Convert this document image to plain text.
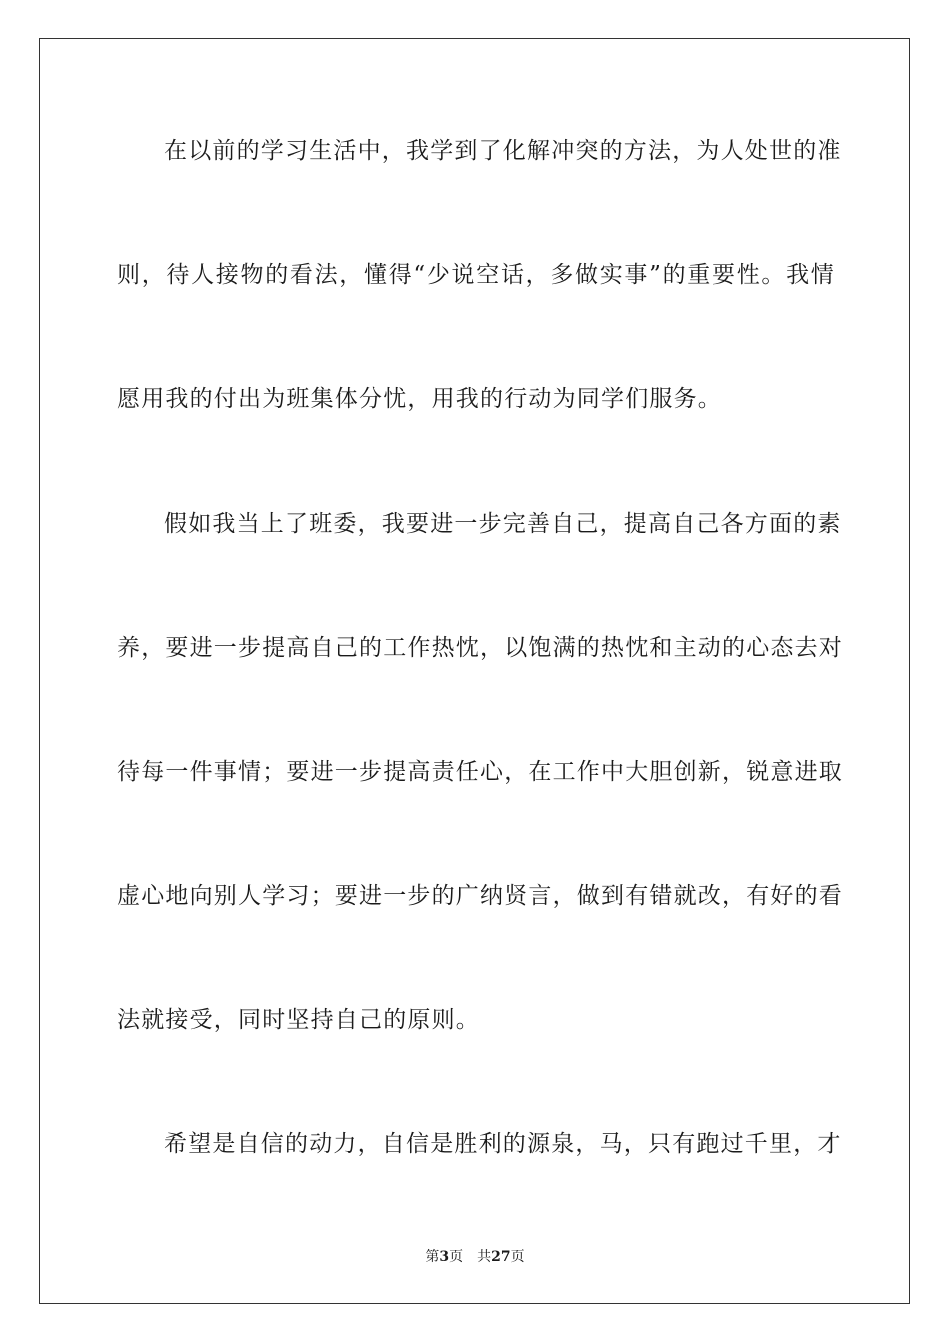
在以前的学习生活中，我学到了化解冲突的方法，为人处世的准
则，待人接物的看法，懂得“少说空话，多做实事”的重要性。我情
愿用我的付出为班集体分忧，用我的行动为同学们服务。
假如我当上了班委，我要进一步完善自己，提高自己各方面的素
养，要进一步提高自己的工作热忱，以饱满的热忱和主动的心态去对
待每一件事情；要进一步提高责任心，在工作中大胆创新，锐意进取
虚心地向别人学习；要进一步的广纳贤言，做到有错就改，有好的看
法就接受，同时坚持自己的原则。
希望是自信的动力，自信是胜利的源泉，马，只有跑过千里，才
第3页 共27页
